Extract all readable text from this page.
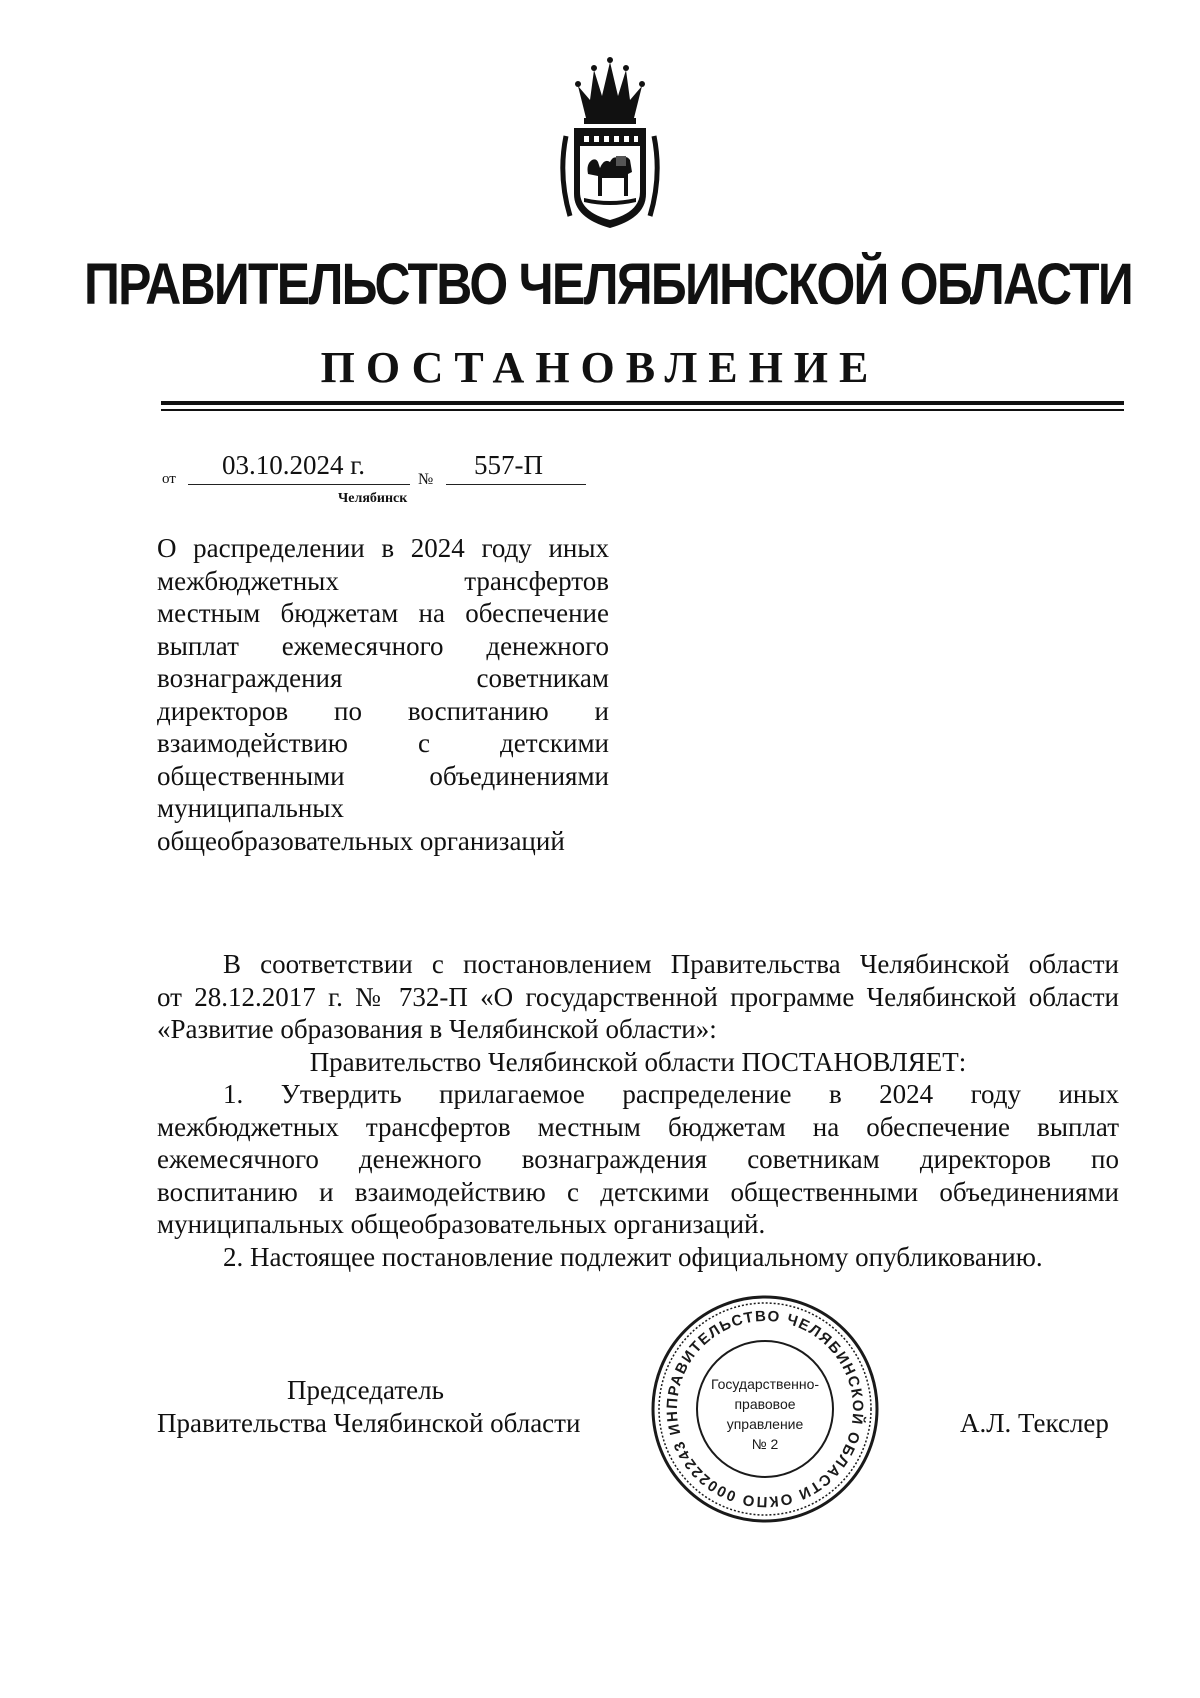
ПРАВИТЕЛЬСТВО ЧЕЛЯБИНСКОЙ ОБЛАСТИ
ПОСТАНОВЛЕНИЕ
от 03.10.2024 г.	№ 557-П
Челябинск
О распределении в 2024 году иных
межбюджетных трансфертов
местным бюджетам на обеспечение
выплат ежемесячного денежного
вознаграждения советникам
директоров по воспитанию и
взаимодействию с детскими
общественными объединениями
муниципальных
общеобразовательных организаций
В соответствии с постановлением Правительства Челябинской области
от 28.12.2017 г. № 732-П «О государственной программе Челябинской области
«Развитие образования в Челябинской области»:
Правительство Челябинской области ПОСТАНОВЛЯЕТ:
1. Утвердить прилагаемое распределение в 2024 году иных
межбюджетных трансфертов местным бюджетам на обеспечение выплат
ежемесячного денежного вознаграждения советникам директоров по
воспитанию и взаимодействию с детскими общественными объединениями
муниципальных общеобразовательных организаций.
2. Настоящее постановление подлежит официальному опубликованию.
Председатель
Правительства Челябинской области	А.Л. Текслер
ПРАВИТЕЛЬСТВО ЧЕЛЯБИНСКОЙ ОБЛАСТИ ОКПО 00022243 ИН
Государственно-
правовое
управление
№ 2
